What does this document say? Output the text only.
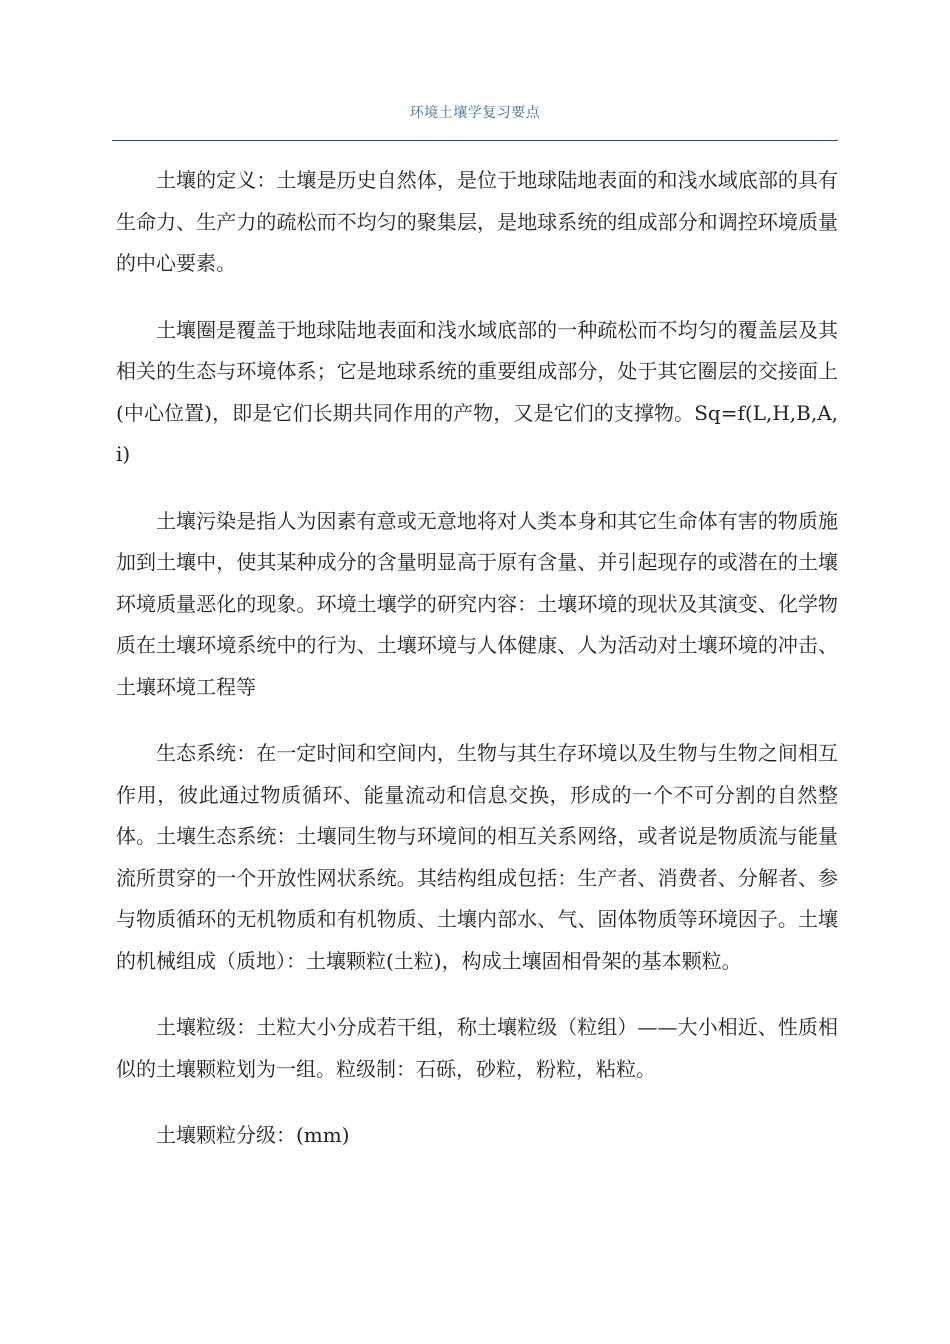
环境土壤学复习要点

土壤的定义：土壤是历史自然体，是位于地球陆地表面的和浅水域底部的具有生命力、生产力的疏松而不均匀的聚集层，是地球系统的组成部分和调控环境质量的中心要素。

土壤圈是覆盖于地球陆地表面和浅水域底部的一种疏松而不均匀的覆盖层及其相关的生态与环境体系；它是地球系统的重要组成部分，处于其它圈层的交接面上(中心位置)，即是它们长期共同作用的产物，又是它们的支撑物。Sq=f(L,H,B,A,i)

土壤污染是指人为因素有意或无意地将对人类本身和其它生命体有害的物质施加到土壤中，使其某种成分的含量明显高于原有含量、并引起现存的或潜在的土壤环境质量恶化的现象。环境土壤学的研究内容：土壤环境的现状及其演变、化学物质在土壤环境系统中的行为、土壤环境与人体健康、人为活动对土壤环境的冲击、土壤环境工程等

生态系统：在一定时间和空间内，生物与其生存环境以及生物与生物之间相互作用，彼此通过物质循环、能量流动和信息交换，形成的一个不可分割的自然整体。土壤生态系统：土壤同生物与环境间的相互关系网络，或者说是物质流与能量流所贯穿的一个开放性网状系统。其结构组成包括：生产者、消费者、分解者、参与物质循环的无机物质和有机物质、土壤内部水、气、固体物质等环境因子。土壤的机械组成（质地）：土壤颗粒(土粒)，构成土壤固相骨架的基本颗粒。

土壤粒级：土粒大小分成若干组，称土壤粒级（粒组）——大小相近、性质相似的土壤颗粒划为一组。粒级制：石砾，砂粒，粉粒，粘粒。

土壤颗粒分级：(mm)
